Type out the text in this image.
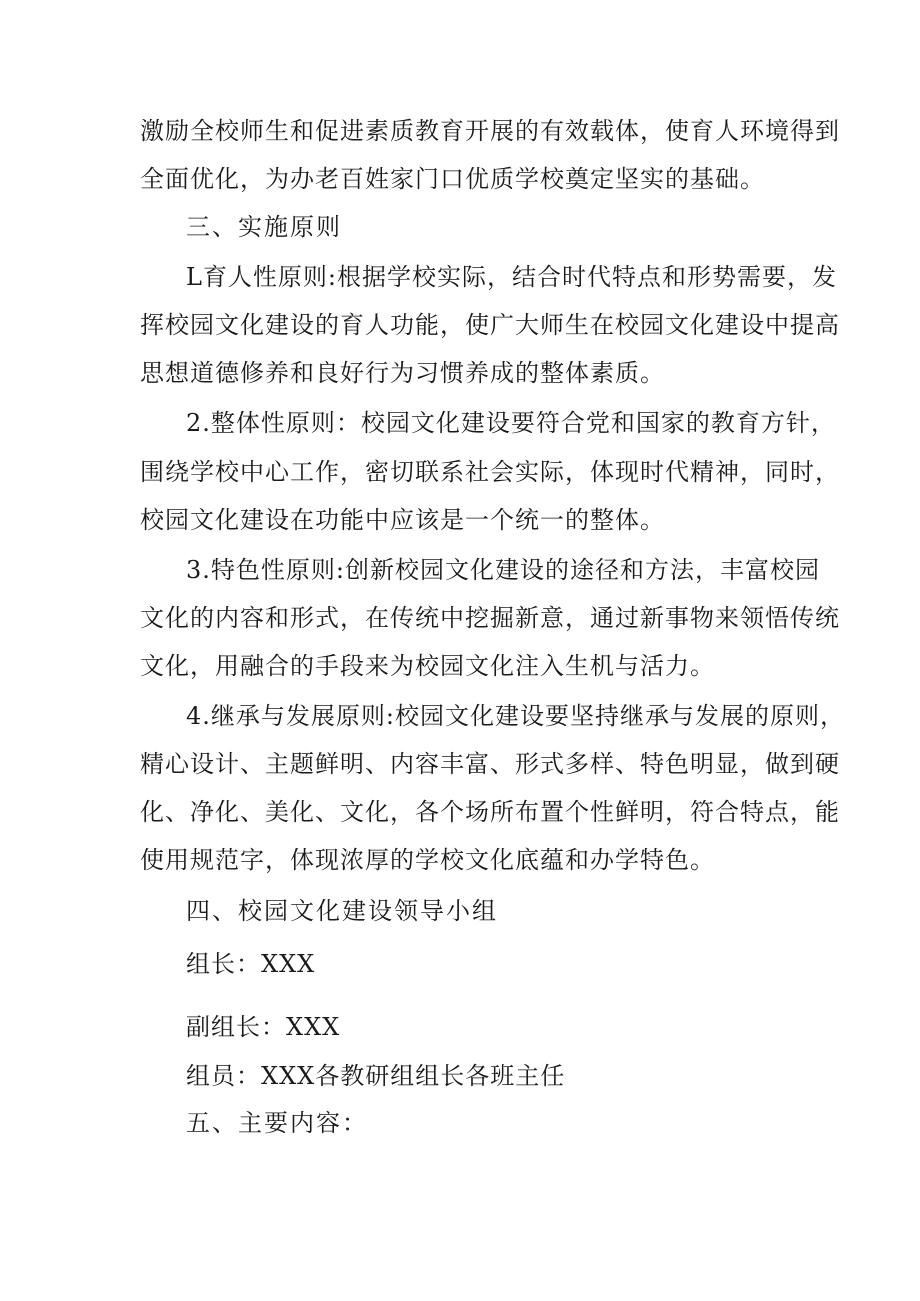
激励全校师生和促进素质教育开展的有效载体，使育人环境得到
全面优化，为办老百姓家门口优质学校奠定坚实的基础。
三、实施原则
L育人性原则:根据学校实际，结合时代特点和形势需要，发
挥校园文化建设的育人功能，使广大师生在校园文化建设中提高
思想道德修养和良好行为习惯养成的整体素质。
2.整体性原则：校园文化建设要符合党和国家的教育方针，
围绕学校中心工作，密切联系社会实际，体现时代精神，同时，
校园文化建设在功能中应该是一个统一的整体。
3.特色性原则:创新校园文化建设的途径和方法，丰富校园
文化的内容和形式，在传统中挖掘新意，通过新事物来领悟传统
文化，用融合的手段来为校园文化注入生机与活力。
4.继承与发展原则:校园文化建设要坚持继承与发展的原则，
精心设计、主题鲜明、内容丰富、形式多样、特色明显，做到硬
化、净化、美化、文化，各个场所布置个性鲜明，符合特点，能
使用规范字，体现浓厚的学校文化底蕴和办学特色。
四、校园文化建设领导小组
组长：XXX
副组长：XXX
组员：XXX各教研组组长各班主任
五、主要内容：
